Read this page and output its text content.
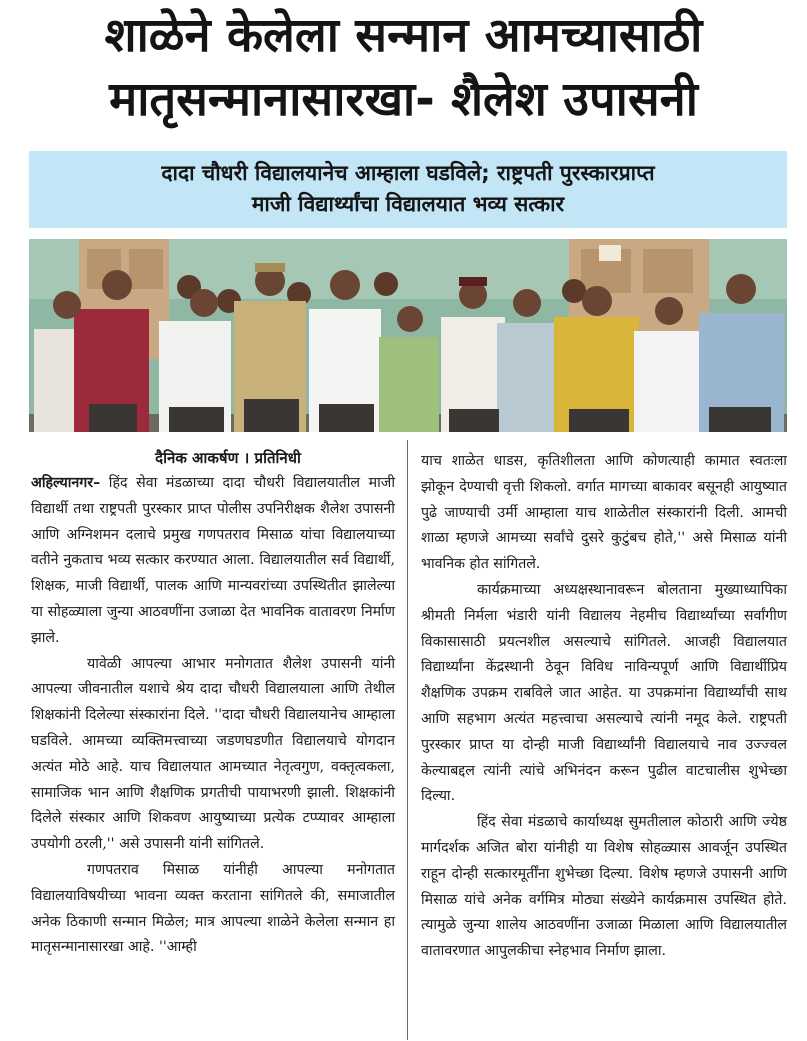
शाळेने केलेला सन्मान आमच्यासाठी
मातृसन्मानासारखा- शैलेश उपासनी
दादा चौधरी विद्यालयानेच आम्हाला घडविले; राष्ट्रपती पुरस्कारप्राप्त
माजी विद्यार्थ्यांचा विद्यालयात भव्य सत्कार

दैनिक आकर्षण । प्रतिनिधी

अहिल्यानगर– हिंद सेवा मंडळाच्या दादा चौधरी विद्यालयातील माजी विद्यार्थी तथा राष्ट्रपती पुरस्कार प्राप्त पोलीस उपनिरीक्षक शैलेश उपासनी आणि अग्निशमन दलाचे प्रमुख गणपतराव मिसाळ यांचा विद्यालयाच्या वतीने नुकताच भव्य सत्कार करण्यात आला. विद्यालयातील सर्व विद्यार्थी, शिक्षक, माजी विद्यार्थी, पालक आणि मान्यवरांच्या उपस्थितीत झालेल्या या सोहळ्याला जुन्या आठवणींना उजाळा देत भावनिक वातावरण निर्माण झाले.

यावेळी आपल्या आभार मनोगतात शैलेश उपासनी यांनी आपल्या जीवनातील यशाचे श्रेय दादा चौधरी विद्यालयाला आणि तेथील शिक्षकांनी दिलेल्या संस्कारांना दिले. ''दादा चौधरी विद्यालयानेच आम्हाला घडविले. आमच्या व्यक्तिमत्त्वाच्या जडणघडणीत विद्यालयाचे योगदान अत्यंत मोठे आहे. याच विद्यालयात आमच्यात नेतृत्वगुण, वक्तृत्वकला, सामाजिक भान आणि शैक्षणिक प्रगतीची पायाभरणी झाली. शिक्षकांनी दिलेले संस्कार आणि शिकवण आयुष्याच्या प्रत्येक टप्प्यावर आम्हाला उपयोगी ठरली,'' असे उपासनी यांनी सांगितले.

गणपतराव मिसाळ यांनीही आपल्या मनोगतात विद्यालयाविषयीच्या भावना व्यक्त करताना सांगितले की, समाजातील अनेक ठिकाणी सन्मान मिळेल; मात्र आपल्या शाळेने केलेला सन्मान हा मातृसन्मानासारखा आहे. ''आम्ही

याच शाळेत धाडस, कृतिशीलता आणि कोणत्याही कामात स्वतःला झोकून देण्याची वृत्ती शिकलो. वर्गात मागच्या बाकावर बसूनही आयुष्यात पुढे जाण्याची उर्मी आम्हाला याच शाळेतील संस्कारांनी दिली. आमची शाळा म्हणजे आमच्या सर्वांचे दुसरे कुटुंबच होते,'' असे मिसाळ यांनी भावनिक होत सांगितले.

कार्यक्रमाच्या अध्यक्षस्थानावरून बोलताना मुख्याध्यापिका श्रीमती निर्मला भंडारी यांनी विद्यालय नेहमीच विद्यार्थ्यांच्या सर्वांगीण विकासासाठी प्रयत्नशील असल्याचे सांगितले. आजही विद्यालयात विद्यार्थ्यांना केंद्रस्थानी ठेवून विविध नाविन्यपूर्ण आणि विद्यार्थीप्रिय शैक्षणिक उपक्रम राबविले जात आहेत. या उपक्रमांना विद्यार्थ्यांची साथ आणि सहभाग अत्यंत महत्त्वाचा असल्याचे त्यांनी नमूद केले. राष्ट्रपती पुरस्कार प्राप्त या दोन्ही माजी विद्यार्थ्यांनी विद्यालयाचे नाव उज्ज्वल केल्याबद्दल त्यांनी त्यांचे अभिनंदन करून पुढील वाटचालीस शुभेच्छा दिल्या.

हिंद सेवा मंडळाचे कार्याध्यक्ष सुमतीलाल कोठारी आणि ज्येष्ठ मार्गदर्शक अजित बोरा यांनीही या विशेष सोहळ्यास आवर्जून उपस्थित राहून दोन्ही सत्कारमूर्तींना शुभेच्छा दिल्या. विशेष म्हणजे उपासनी आणि मिसाळ यांचे अनेक वर्गमित्र मोठ्या संख्येने कार्यक्रमास उपस्थित होते. त्यामुळे जुन्या शालेय आठवणींना उजाळा मिळाला आणि विद्यालयातील वातावरणात आपुलकीचा स्नेहभाव निर्माण झाला.
